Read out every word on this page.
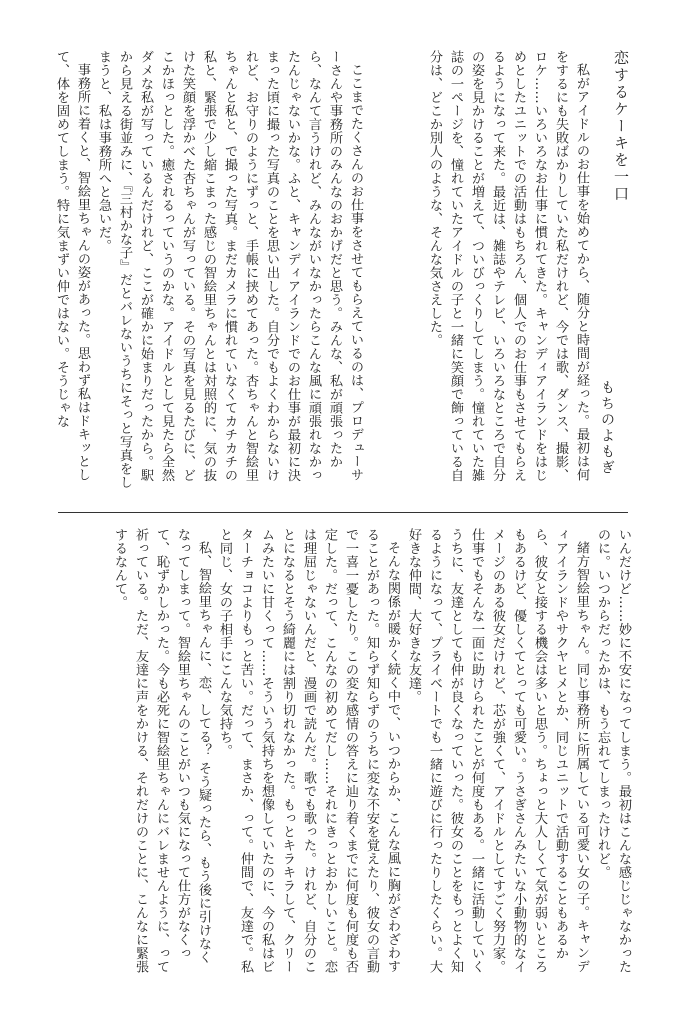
恋するケーキを一口

私がアイドルのお仕事を始めてから、随分と時間が経った。最初は何をするにも失敗ばかりしていた私だけれど、今では歌、ダンス、撮影、ロケ……いろいろなお仕事に慣れてきた。キャンディアイランドをはじめとしたユニットでの活動はもちろん、個人でのお仕事もさせてもらえるようになって来た。最近は、雑誌やテレビ、いろいろなところで自分の姿を見かけることが増えて、ついびっくりしてしまう。憧れていた雑誌の一ページを、憧れていたアイドルの子と一緒に笑顔で飾っている自分は、どこか別人のような、そんな気さえした。

もちのよもぎ

ここまでたくさんのお仕事をさせてもらえているのは、プロデューサーさんや事務所のみんなのおかげだと思う。みんな、私が頑張ったから、なんて言うけれど、みんながいなかったらこんな風に頑張れなかったんじゃないかな。ふと、キャンディアイランドでのお仕事が最初に決まった頃に撮った写真のことを思い出した。自分でもよくわからないけれど、お守りのようにずっと、手帳に挟めてあった。杏ちゃんと智絵里ちゃんと私と、で撮った写真。まだカメラに慣れていなくてカチカチの私と、緊張で少し縮こまった感じの智絵里ちゃんとは対照的に、気の抜けた笑顔を浮かべた杏ちゃんが写っている。その写真を見るたびに、どこかほっとした。癒されるっていうのかな。アイドルとして見たら全然ダメな私が写っているんだけれど、ここが確かに始まりだったから。駅から見える街並みに、『三村かな子』だとバレないうちにそっと写真をしまうと、私は事務所へと急いだ。

事務所に着くと、智絵里ちゃんの姿があった。思わず私はドキッとして、体を固めてしまう。特に気まずい仲ではない。そうじゃな

いんだけど……妙に不安になってしまう。最初はこんな感じじゃなかったのに。いつからだったかは、もう忘れてしまったけれど。

緒方智絵里ちゃん。同じ事務所に所属している可愛い女の子。キャンディアイランドやサクヤヒメとか、同じユニットで活動することもあるから、彼女と接する機会は多いと思う。ちょっと大人しくて気が弱いところもあるけど、優しくてとっても可愛い。うさぎさんみたいな小動物的なイメージのある彼女だけれど、芯が強くて、アイドルとしてすごく努力家。仕事でもそんな一面に助けられたことが何度もある。一緒に活動していくうちに、友達としても仲が良くなっていった。彼女のことをもっとよく知るようになって、プライベートでも一緒に遊びに行ったりしたくらい。大好きな仲間、大好きな友達。

そんな関係が暖かく続く中で、いつからか、こんな風に胸がざわざわすることがあった。知らず知らずのうちに変な不安を覚えたり、彼女の言動で一喜一憂したり。この変な感情の答えに辿り着くまでに何度も何度も否定した。だって、こんなの初めてだし……それにきっとおかしいこと。恋は理屈じゃないんだと、漫画で読んだ。歌でも歌った。けれど、自分のことになるとそう綺麗には割り切れなかった。もっとキラキラして、クリームみたいに甘くって……そういう気持ちを想像していたのに、今の私はビターチョコよりもっと苦い。だって、まさか、って。仲間で、友達で。私と同じ、女の子相手にこんな気持ち。

私、智絵里ちゃんに、恋、してる？ そう疑ったら、もう後に引けなくなってしまって。智絵里ちゃんのことがいつも気になって仕方がなくって、恥ずかしかった。今も必死に智絵里ちゃんにバレませんように、って祈っている。ただ、友達に声をかける、それだけのことに、こんなに緊張するなんて。
